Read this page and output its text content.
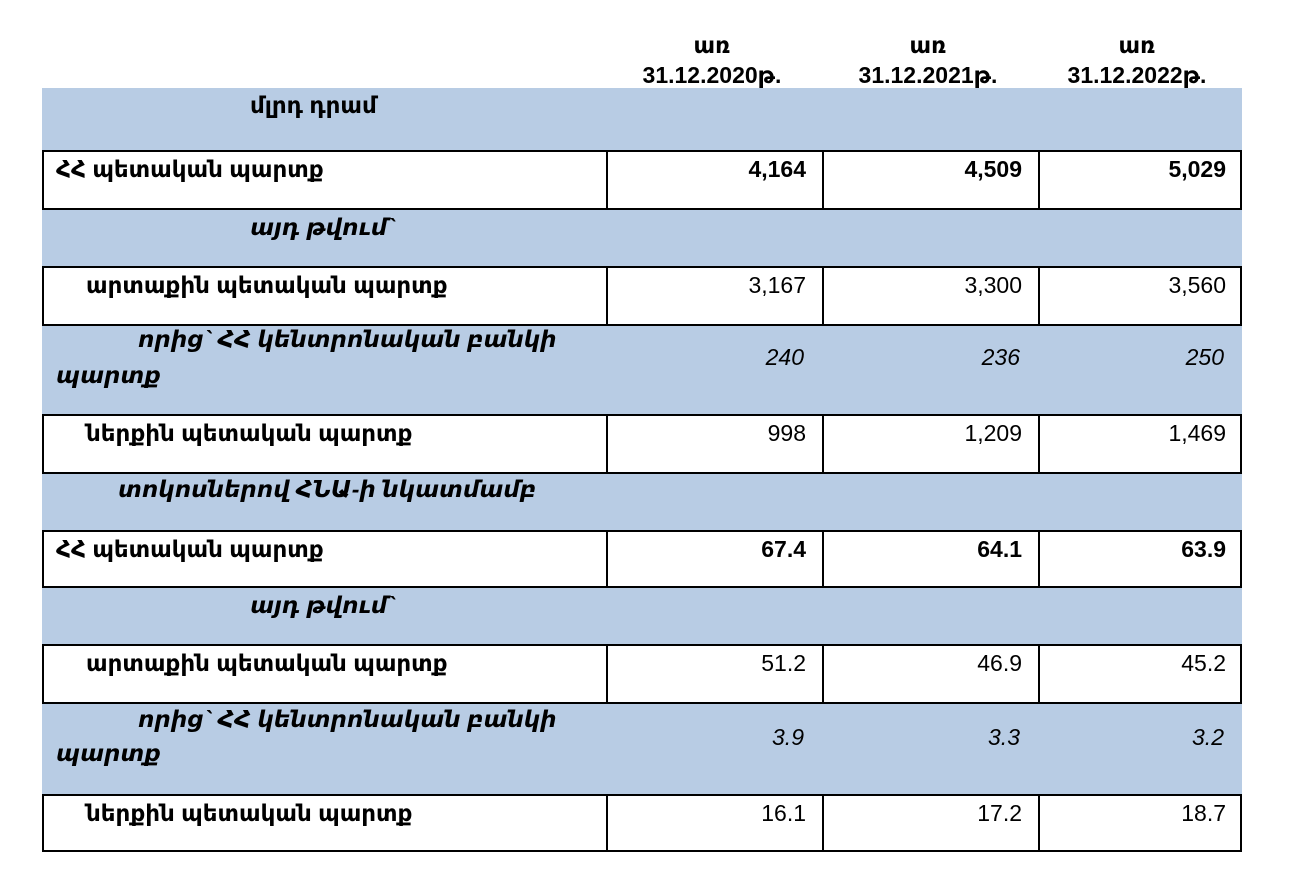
առ
31.12.2020թ.
առ
31.12.2021թ.
առ
31.12.2022թ.
մլրդ դրամ
ՀՀ պետական պարտք	4,164	4,509	5,029
այդ թվում`
արտաքին պետական պարտք	3,167	3,300	3,560
որից` ՀՀ կենտրոնական բանկի
պարտք
240	236	250
ներքին պետական պարտք	998	1,209	1,469
տոկոսներով ՀՆԱ-ի նկատմամբ
ՀՀ պետական պարտք	67.4	64.1	63.9
այդ թվում`
արտաքին պետական պարտք	51.2	46.9	45.2
որից` ՀՀ կենտրոնական բանկի
պարտք
3.9	3.3	3.2
ներքին պետական պարտք	16.1	17.2	18.7
